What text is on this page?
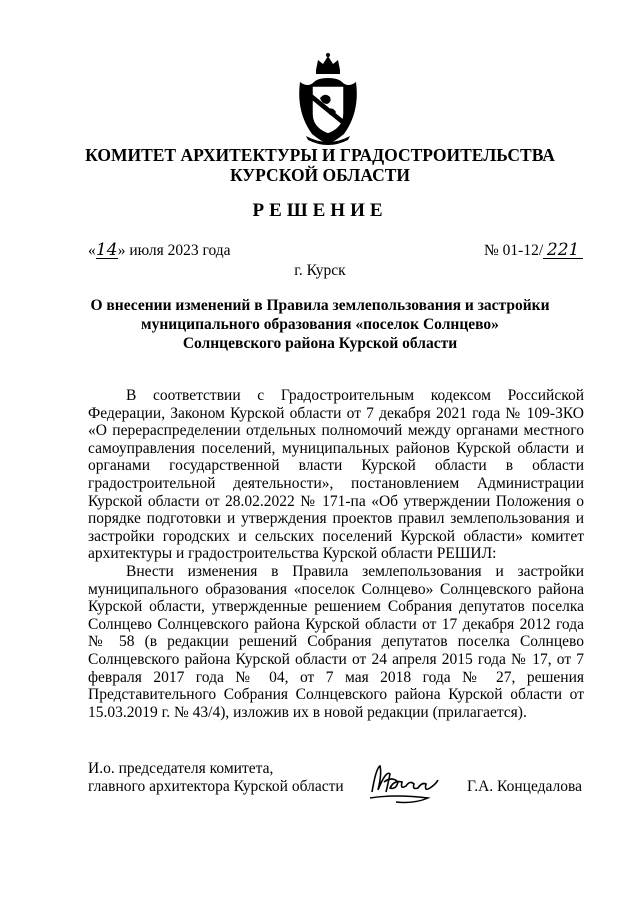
КОМИТЕТ АРХИТЕКТУРЫ И ГРАДОСТРОИТЕЛЬСТВА
КУРСКОЙ ОБЛАСТИ
РЕШЕНИЕ
«14» июля 2023 года	№ 01-12/ 221
г. Курск
О внесении изменений в Правила землепользования и застройки
муниципального образования «поселок Солнцево»
Солнцевского района Курской области

В соответствии с Градостроительным кодексом Российской Федерации, Законом Курской области от 7 декабря 2021 года № 109-ЗКО «О перераспределении отдельных полномочий между органами местного самоуправления поселений, муниципальных районов Курской области и органами государственной власти Курской области в области градостроительной деятельности», постановлением Администрации Курской области от 28.02.2022 № 171-па «Об утверждении Положения о порядке подготовки и утверждения проектов правил землепользования и застройки городских и сельских поселений Курской области» комитет архитектуры и градостроительства Курской области РЕШИЛ:

Внести изменения в Правила землепользования и застройки муниципального образования «поселок Солнцево» Солнцевского района Курской области, утвержденные решением Собрания депутатов поселка Солнцево Солнцевского района Курской области от 17 декабря 2012 года № 58 (в редакции решений Собрания депутатов поселка Солнцево Солнцевского района Курской области от 24 апреля 2015 года № 17, от 7 февраля 2017 года № 04, от 7 мая 2018 года № 27, решения Представительного Собрания Солнцевского района Курской области от 15.03.2019 г. № 43/4), изложив их в новой редакции (прилагается).

И.о. председателя комитета,
главного архитектора Курской области	Г.А. Концедалова
